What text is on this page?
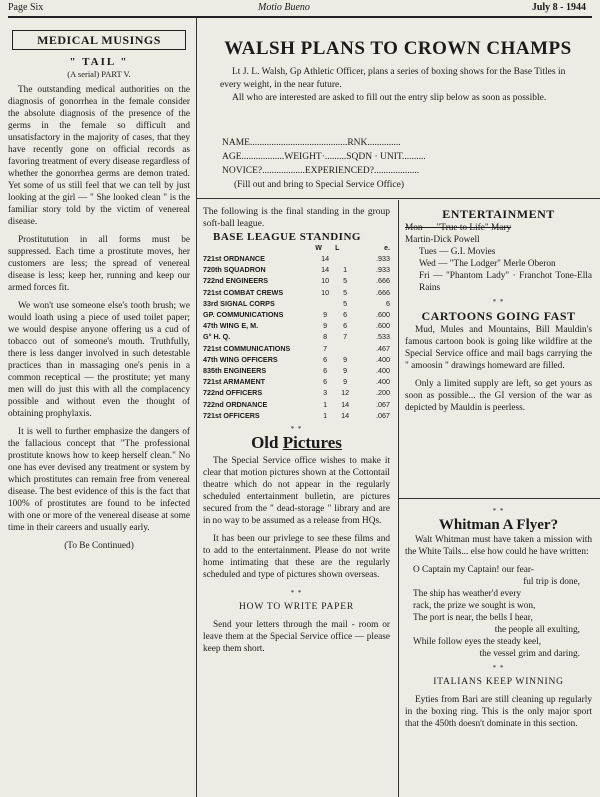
Page Six	Motio Bueno	July 8 - 1944
MEDICAL MUSINGS
" TAIL "
(A serial) PART V.

The outstanding medical authorities on the diagnosis of gonorrhea in the female consider the absolute diagnosis of the presence of the germs in the female so difficult and unsatisfactory in the majority of cases, that they have recently gone on official records as favoring treatment of every disease regardless of whether the gonorrhea germs are demon trated. Yet some of us still feel that we can tell by just looking at the girl — " She looked clean " is the familiar story told by the victim of venereal disease.

Prostitutution in all forms must be suppressed. Each time a prostitute moves, her customers are less; the spread of venereal disease is less; keep her, running and keep our armed forces fit.

We won't use someone else's tooth brush; we would loath using a piece of used toilet paper; we would despise anyone offering us a cud of tobacco out of someone's mouth. Truthfully, there is less danger involved in such detestable practices than in massaging one's penis in a common receptical — the prostitute; yet many men will do just this with all the complacency possible and without even the thought of obtaining prophylaxis.

It is well to further emphasize the dangers of the fallacious concept that "The professional prostitute knows how to keep herself clean." No one has ever devised any treatment or system by which prostitutes can remain free from venereal disease. The best evidence of this is the fact that 100% of prostitutes are found to be infected with one or more of the venereal disease at some time in their careers and usually early.

(To Be Continued)

WALSH PLANS TO CROWN CHAMPS

Lt J. L. Walsh, Gp Athletic Officer, plans a series of boxing shows for the Base Titles in every weight, in the near future.

All who are interested are asked to fill out the entry slip below as soon as possible.

NAME.........................................RNK..............
AGE..................WEIGHT·.........SQDN · UNIT..........
NOVICE?..................EXPERIENCED?...................
(Fill out and bring to Special Service Office)
The following is the final standing in the group soft-ball league.
BASE LEAGUE STANDING
	W	L	e.
721st ORDNANCE	14		.933
720th SQUADRON	14	1	.933
722nd ENGINEERS	10	5	.666
721st COMBAT CREWS	10	5	.666
33rd SIGNAL CORPS		5	6
GP. COMMUNICATIONS	9	6	.600
47th WING E, M.	9	6	.600
G° H. Q.	8	7	.533
721st COMMUNICATIONS	7		.467
47th WING OFFICERS	6	9	.400
835th ENGINEERS	6	9	.400
721st ARMAMENT	6	9	.400
722nd OFFICERS	3	12	.200
722nd ORDNANCE	1	14	.067
721st OFFICERS	1	14	.067
* *

Old Pictures

The Special Service office wishes to make it clear that motion pictures shown at the Cottontail theatre which do not appear in the regularly scheduled entertainment bulletin, are pictures secured from the " dead-storage " library and are in no way to be assumed as a release from HQs.

It has been our privlege to see these films and to add to the entertainment. Please do not write home intimating that these are the regularly scheduled and type of pictures shown overseas.

* *

HOW TO WRITE PAPER

Send your letters through the mail - room or leave them at the Special Service office — please keep them short.

ENTERTAINMENT

Mon — "True to Life" Mary

Martin-Dick Powell

Tues — G.I. Movies

Wed — "The Lodger" Merle Oberon

Fri — "Phantom Lady" · Franchot Tone-Ella Rains

* *
CARTOONS GOING FAST

Mud, Mules and Mountains, Bill Mauldin's famous cartoon book is going like wildfire at the Special Service office and mail bags carrying the " amoosin " drawings homeward are filled.

Only a limited supply are left, so get yours as soon as possible... the GI version of the war as depicted by Mauldin is peerless.

* *
Whitman A Flyer?

Walt Whitman must have taken a mission with the White Tails... else how could he have written:

O Captain my Captain! our fear-

ful trip is done,

The ship has weather'd every

rack, the prize we sought is won,

The port is near, the bells I hear,

the people all exulting,

While follow eyes the steady keel,

the vessel grim and daring.

* *

ITALIANS KEEP WINNING

Eyties from Bari are still cleaning up regularly in the boxing ring. This is the only major sport that the 450th doesn't dominate in this section.
